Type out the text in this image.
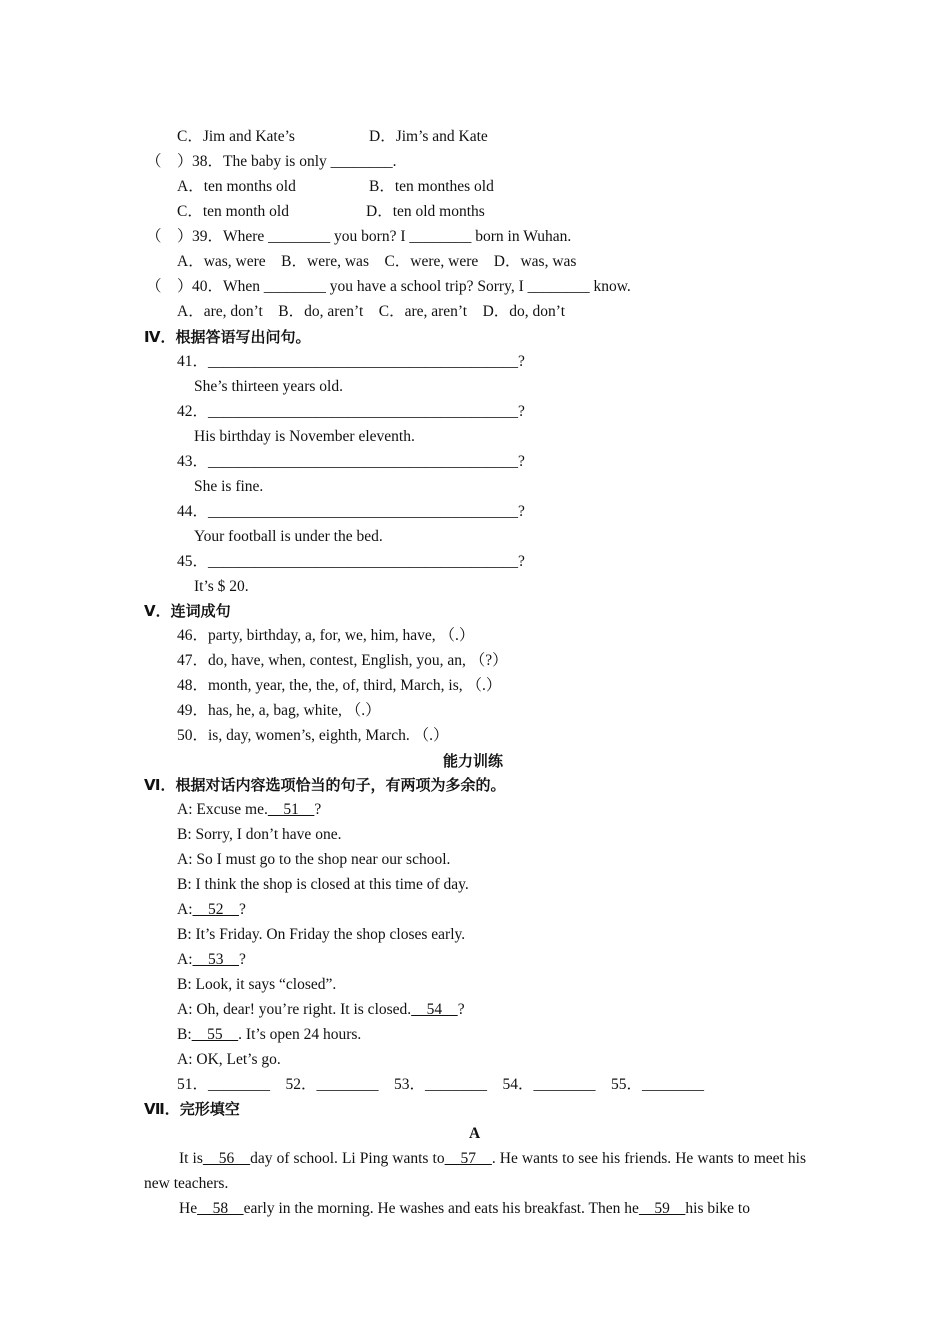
C．Jim and Kate’s	D．Jim’s and Kate
（　） 38．The baby is only ________.
A．ten months old	B．ten monthes old
C．ten month old	D．ten old months
（　） 39．Where ________ you born? I ________ born in Wuhan.
A．was, were　B．were, was　C．were, were　D．was, was
（　） 40．When ________ you have a school trip? Sorry, I ________ know.
A．are, don’t　B．do, aren’t　C．are, aren’t　D．do, don’t
Ⅳ．根据答语写出问句。
41．________________________________________?
She’s thirteen years old.
42．________________________________________?
His birthday is November eleventh.
43．________________________________________?
She is fine.
44．________________________________________?
Your football is under the bed.
45．________________________________________?
It’s $ 20.
Ⅴ．连词成句
46．party, birthday, a, for, we, him, have, （.）
47．do, have, when, contest, English, you, an, （?）
48．month, year, the, the, of, third, March, is, （.）
49．has, he, a, bag, white, （.）
50．is, day, women’s, eighth, March. （.）
能力训练
Ⅵ．根据对话内容选项恰当的句子，有两项为多余的。
A: Excuse me.　51　?
B: Sorry, I don’t have one.
A: So I must go to the shop near our school.
B: I think the shop is closed at this time of day.
A:　52　?
B: It’s Friday. On Friday the shop closes early.
A:　53　?
B: Look, it says “closed”.
A: Oh, dear! you’re right. It is closed.　54　?
B:　55　. It’s open 24 hours.
A: OK, Let’s go.
51．________　52．________　53．________　54．________　55．________
Ⅶ．完形填空
A
It is　56　day of school. Li Ping wants to　57　. He wants to see his friends. He wants to meet his new teachers.
He　58　early in the morning. He washes and eats his breakfast. Then he　59　his bike to
